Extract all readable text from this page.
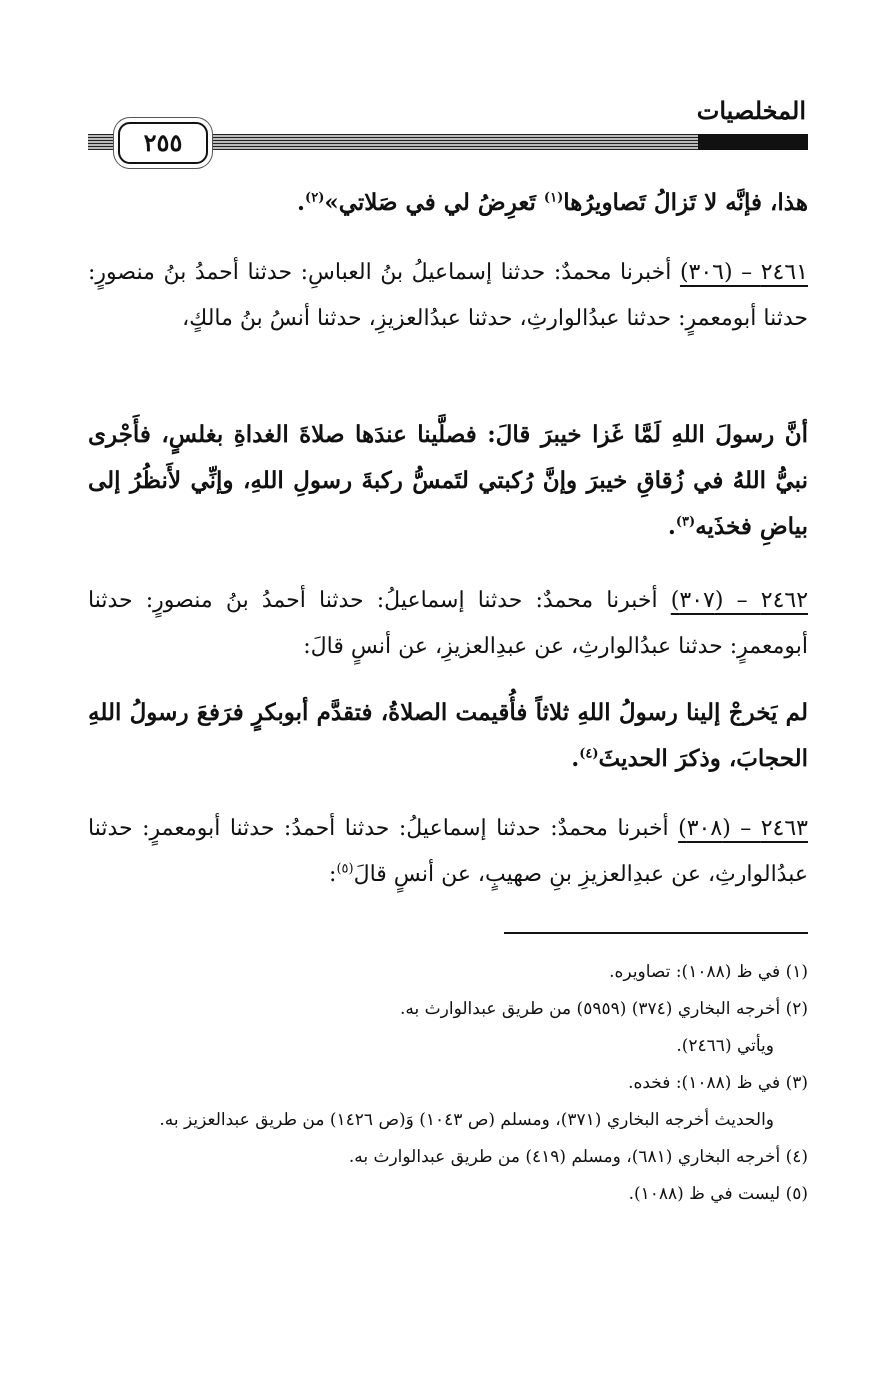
المخلصيات
٢٥٥

هذا، فإنَّه لا تَزالُ تَصاويرُها$^{(١)}$ تَعرِضُ لي في صَلاتي»$^{(٢)}$.

٢٤٦١ – (٣٠٦) أخبرنا محمدٌ: حدثنا إسماعيلُ بنُ العباسِ: حدثنا أحمدُ بنُ منصورٍ: حدثنا أبومعمرٍ: حدثنا عبدُالوارثِ، حدثنا عبدُالعزيزِ، حدثنا أنسُ بنُ مالكٍ،

أنَّ رسولَ اللهِ لَمَّا غَزا خيبرَ قالَ: فصلَّينا عندَها صلاةَ الغداةِ بغلسٍ، فأَجْرى نبيُّ اللهُ في زُقاقِ خيبرَ وإنَّ رُكبتي لتَمسُّ ركبةَ رسولِ اللهِ، وإنِّي لأَنظُرُ إلى بياضِ فخذَيه$^{(٣)}$.

٢٤٦٢ – (٣٠٧) أخبرنا محمدٌ: حدثنا إسماعيلُ: حدثنا أحمدُ بنُ منصورٍ: حدثنا أبومعمرٍ: حدثنا عبدُالوارثِ، عن عبدِالعزيزِ، عن أنسٍ قالَ:

لم يَخرجْ إلينا رسولُ اللهِ ثلاثاً فأُقيمت الصلاةُ، فتقدَّم أبوبكرٍ فرَفعَ رسولُ اللهِ الحجابَ، وذكرَ الحديثَ$^{(٤)}$.

٢٤٦٣ – (٣٠٨) أخبرنا محمدٌ: حدثنا إسماعيلُ: حدثنا أحمدُ: حدثنا أبومعمرٍ: حدثنا عبدُالوارثِ، عن عبدِالعزيزِ بنِ صهيبٍ، عن أنسٍ قالَ$^{(٥)}$:

(١) في ظ (١٠٨٨): تصاويره.

(٢) أخرجه البخاري (٣٧٤) (٥٩٥٩) من طريق عبدالوارث به.

ويأتي (٢٤٦٦).

(٣) في ظ (١٠٨٨): فخده.

والحديث أخرجه البخاري (٣٧١)، ومسلم (ص ١٠٤٣) وَ(ص ١٤٢٦) من طريق عبدالعزيز به.

(٤) أخرجه البخاري (٦٨١)، ومسلم (٤١٩) من طريق عبدالوارث به.

(٥) ليست في ظ (١٠٨٨).
